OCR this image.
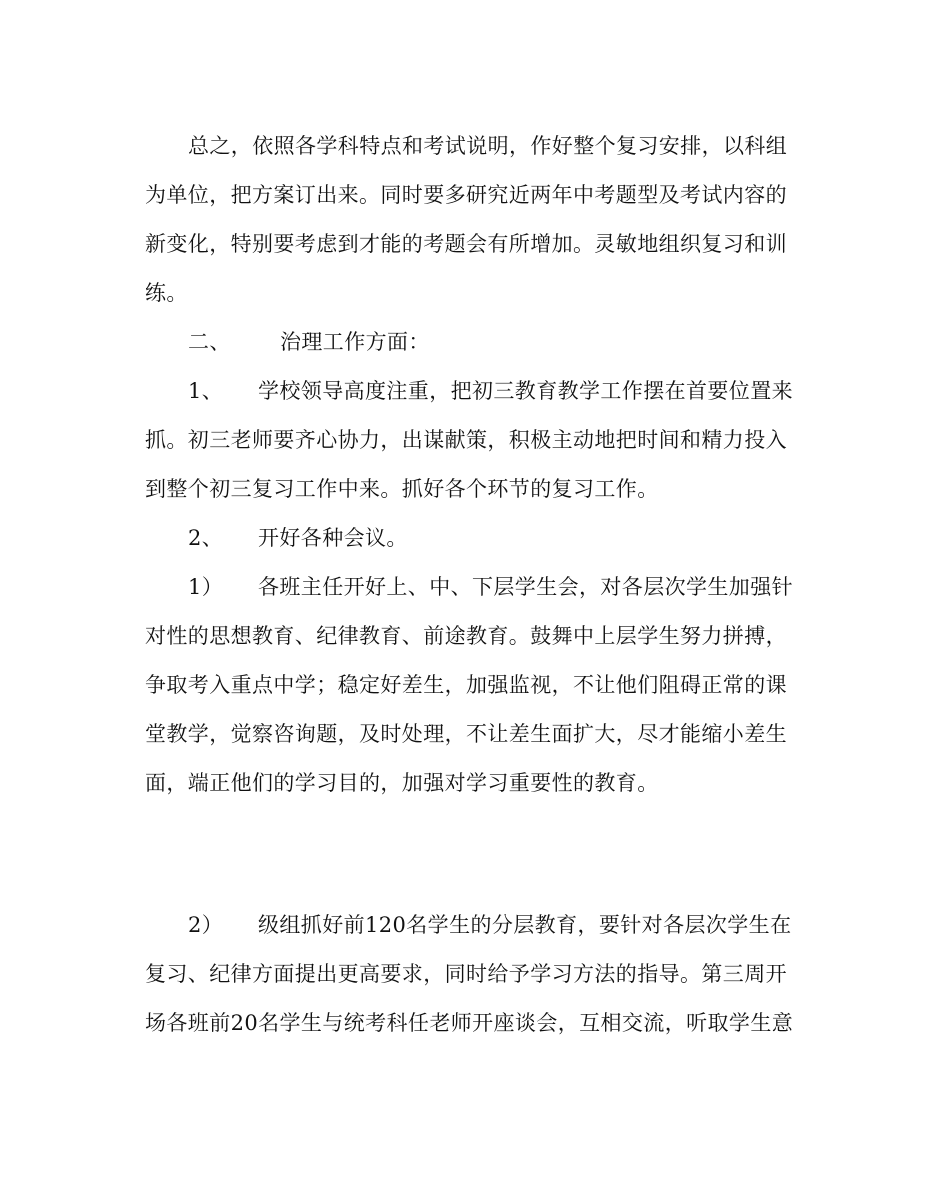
总之，依照各学科特点和考试说明，作好整个复习安排，以科组
为单位，把方案订出来。同时要多研究近两年中考题型及考试内容的
新变化，特别要考虑到才能的考题会有所增加。灵敏地组织复习和训
练。
二、 治理工作方面：
1、 学校领导高度注重，把初三教育教学工作摆在首要位置来
抓。初三老师要齐心协力，出谋献策，积极主动地把时间和精力投入
到整个初三复习工作中来。抓好各个环节的复习工作。
2、 开好各种会议。
1） 各班主任开好上、中、下层学生会，对各层次学生加强针
对性的思想教育、纪律教育、前途教育。鼓舞中上层学生努力拼搏，
争取考入重点中学；稳定好差生，加强监视，不让他们阻碍正常的课
堂教学，觉察咨询题，及时处理，不让差生面扩大，尽才能缩小差生
面，端正他们的学习目的，加强对学习重要性的教育。
2） 级组抓好前120名学生的分层教育，要针对各层次学生在
复习、纪律方面提出更高要求，同时给予学习方法的指导。第三周开
场各班前20名学生与统考科任老师开座谈会，互相交流，听取学生意
